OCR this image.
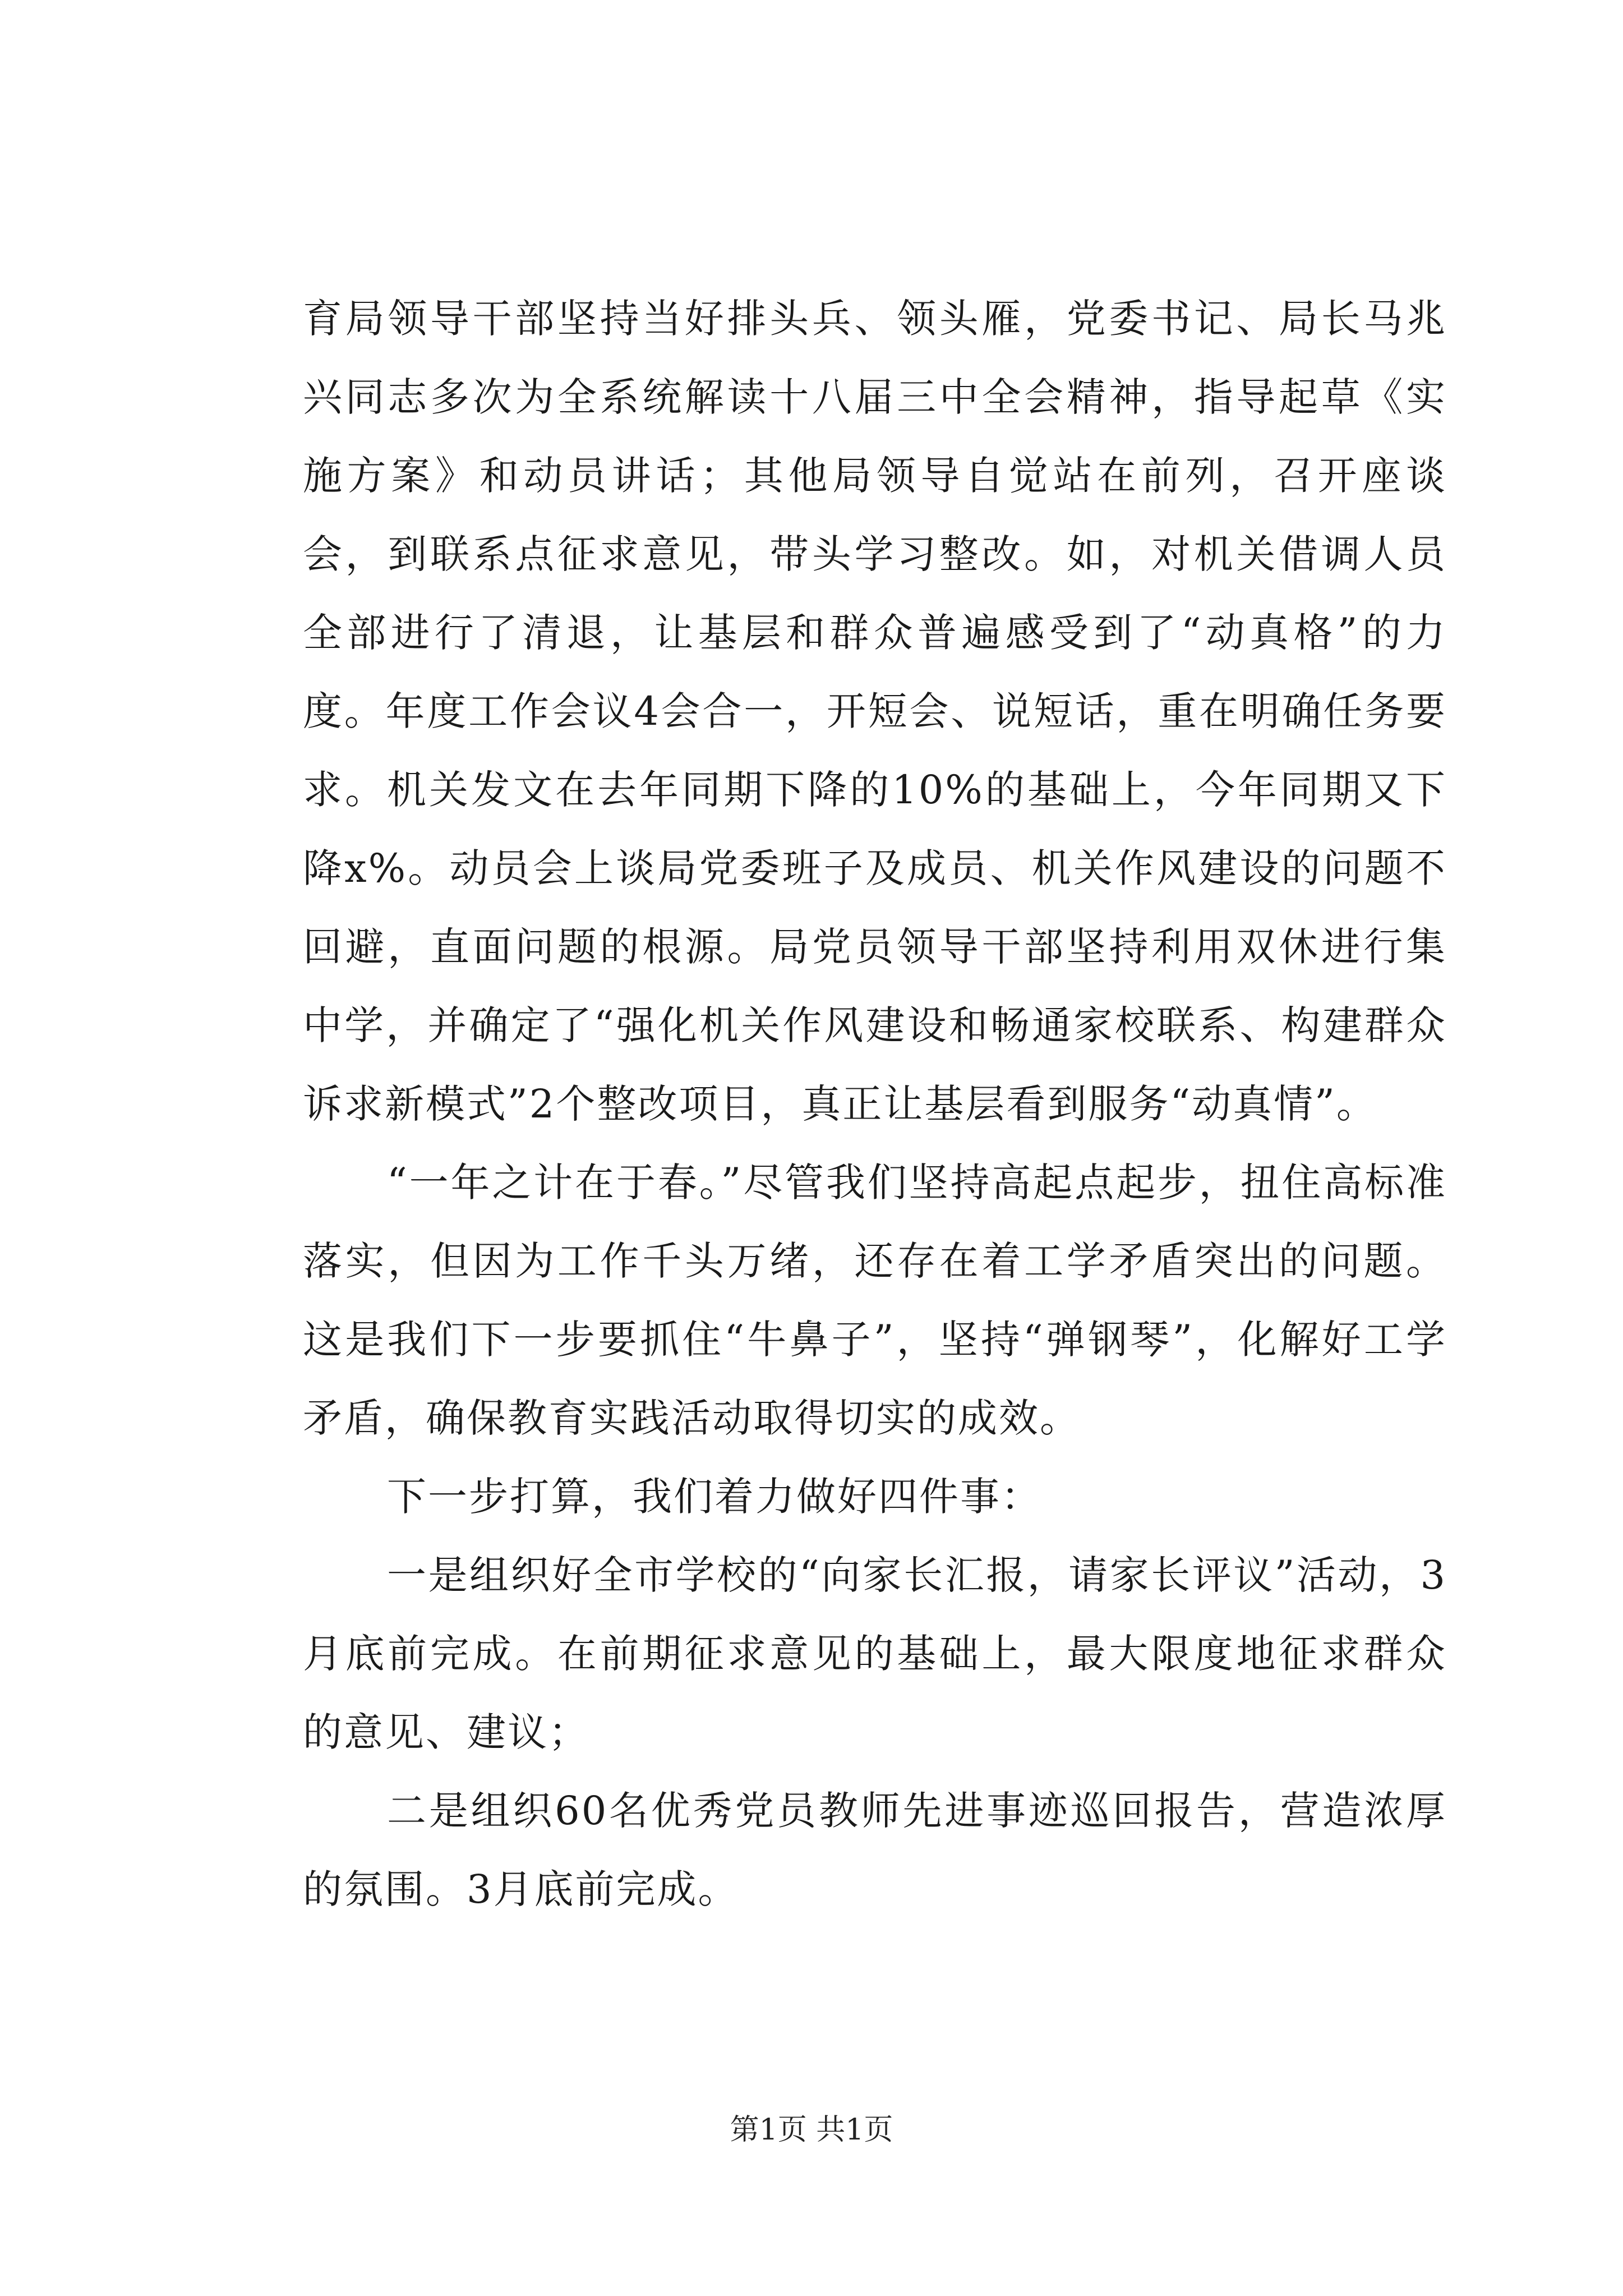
育局领导干部坚持当好排头兵、领头雁，党委书记、局长马兆兴同志多次为全系统解读十八届三中全会精神，指导起草《实施方案》和动员讲话；其他局领导自觉站在前列，召开座谈会，到联系点征求意见，带头学习整改。如，对机关借调人员全部进行了清退，让基层和群众普遍感受到了“动真格”的力度。年度工作会议4会合一，开短会、说短话，重在明确任务要求。机关发文在去年同期下降的10%的基础上，今年同期又下降x%。动员会上谈局党委班子及成员、机关作风建设的问题不回避，直面问题的根源。局党员领导干部坚持利用双休进行集中学，并确定了“强化机关作风建设和畅通家校联系、构建群众诉求新模式”2个整改项目，真正让基层看到服务“动真情”。

“一年之计在于春。”尽管我们坚持高起点起步，扭住高标准落实，但因为工作千头万绪，还存在着工学矛盾突出的问题。这是我们下一步要抓住“牛鼻子”，坚持“弹钢琴”，化解好工学矛盾，确保教育实践活动取得切实的成效。

下一步打算，我们着力做好四件事：

一是组织好全市学校的“向家长汇报，请家长评议”活动，3月底前完成。在前期征求意见的基础上，最大限度地征求群众的意见、建议；

二是组织60名优秀党员教师先进事迹巡回报告，营造浓厚的氛围。3月底前完成。

第1页 共1页
